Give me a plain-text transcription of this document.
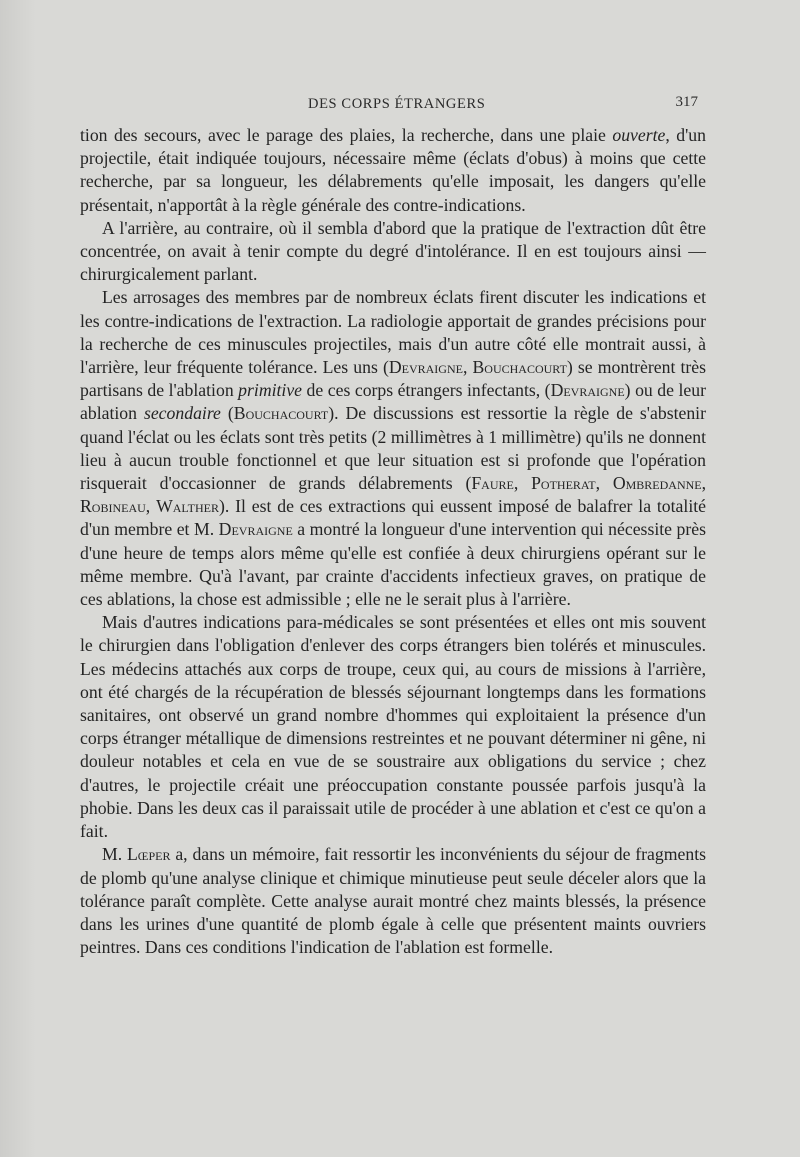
DES CORPS ÉTRANGERS	317

tion des secours, avec le parage des plaies, la recherche, dans une plaie ouverte, d'un projectile, était indiquée toujours, nécessaire même (éclats d'obus) à moins que cette recherche, par sa longueur, les délabrements qu'elle imposait, les dangers qu'elle présentait, n'apportât à la règle générale des contre-indications.

A l'arrière, au contraire, où il sembla d'abord que la pratique de l'extraction dût être concentrée, on avait à tenir compte du degré d'intolérance. Il en est toujours ainsi — chirurgicalement parlant.

Les arrosages des membres par de nombreux éclats firent discuter les indications et les contre-indications de l'extraction. La radiologie apportait de grandes précisions pour la recherche de ces minuscules projectiles, mais d'un autre côté elle montrait aussi, à l'arrière, leur fréquente tolérance. Les uns (Devraigne, Bouchacourt) se montrèrent très partisans de l'ablation primitive de ces corps étrangers infectants, (Devraigne) ou de leur ablation secondaire (Bouchacourt). De discussions est ressortie la règle de s'abstenir quand l'éclat ou les éclats sont très petits (2 millimètres à 1 millimètre) qu'ils ne donnent lieu à aucun trouble fonctionnel et que leur situation est si profonde que l'opération risquerait d'occasionner de grands délabrements (Faure, Potherat, Ombredanne, Robineau, Walther). Il est de ces extractions qui eussent imposé de balafrer la totalité d'un membre et M. Devraigne a montré la longueur d'une intervention qui nécessite près d'une heure de temps alors même qu'elle est confiée à deux chirurgiens opérant sur le même membre. Qu'à l'avant, par crainte d'accidents infectieux graves, on pratique de ces ablations, la chose est admissible ; elle ne le serait plus à l'arrière.

Mais d'autres indications para-médicales se sont présentées et elles ont mis souvent le chirurgien dans l'obligation d'enlever des corps étrangers bien tolérés et minuscules. Les médecins attachés aux corps de troupe, ceux qui, au cours de missions à l'arrière, ont été chargés de la récupération de blessés séjournant longtemps dans les formations sanitaires, ont observé un grand nombre d'hommes qui exploitaient la présence d'un corps étranger métallique de dimensions restreintes et ne pouvant déterminer ni gêne, ni douleur notables et cela en vue de se soustraire aux obligations du service ; chez d'autres, le projectile créait une préoccupation constante poussée parfois jusqu'à la phobie. Dans les deux cas il paraissait utile de procéder à une ablation et c'est ce qu'on a fait.

M. Lœper a, dans un mémoire, fait ressortir les inconvénients du séjour de fragments de plomb qu'une analyse clinique et chimique minutieuse peut seule déceler alors que la tolérance paraît complète. Cette analyse aurait montré chez maints blessés, la présence dans les urines d'une quantité de plomb égale à celle que présentent maints ouvriers peintres. Dans ces conditions l'indication de l'ablation est formelle.
